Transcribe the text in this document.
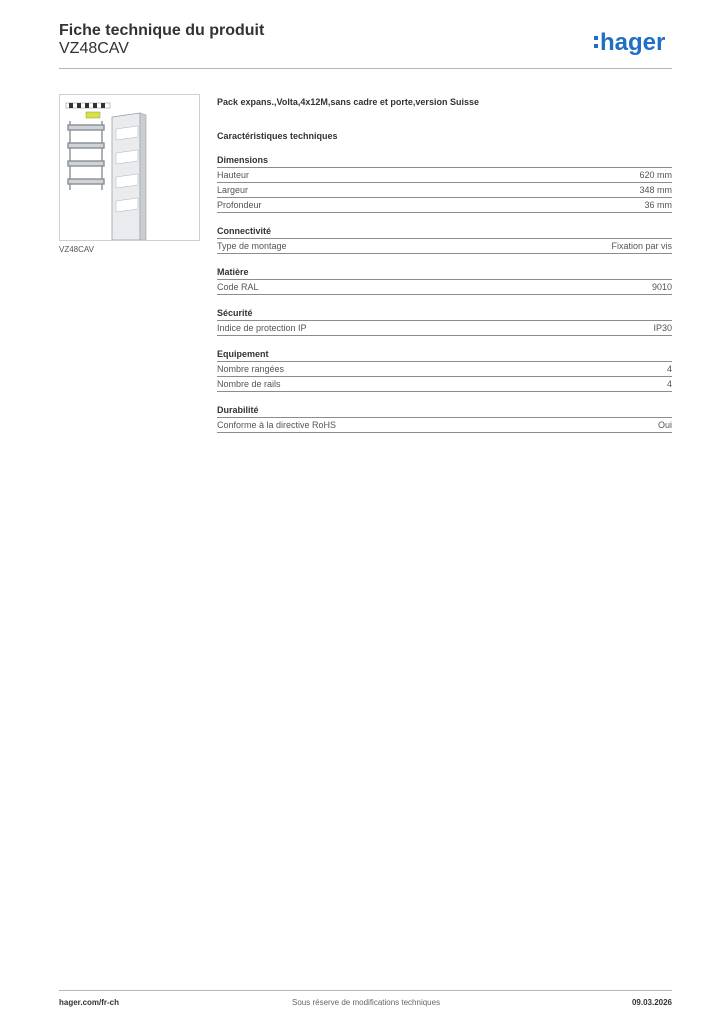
Fiche technique du produit
VZ48CAV	hager
VZ48CAV
Pack expans.,Volta,4x12M,sans cadre et porte,version Suisse
Caractéristiques techniques
Dimensions
Hauteur	620 mm
Largeur	348 mm
Profondeur	36 mm
Connectivité
Type de montage	Fixation par vis
Matière
Code RAL	9010
Sécurité
Indice de protection IP	IP30
Equipement
Nombre rangées	4
Nombre de rails	4
Durabilité
Conforme à la directive RoHS	Oui
hager.com/fr-ch	Sous réserve de modifications techniques	09.03.2026
